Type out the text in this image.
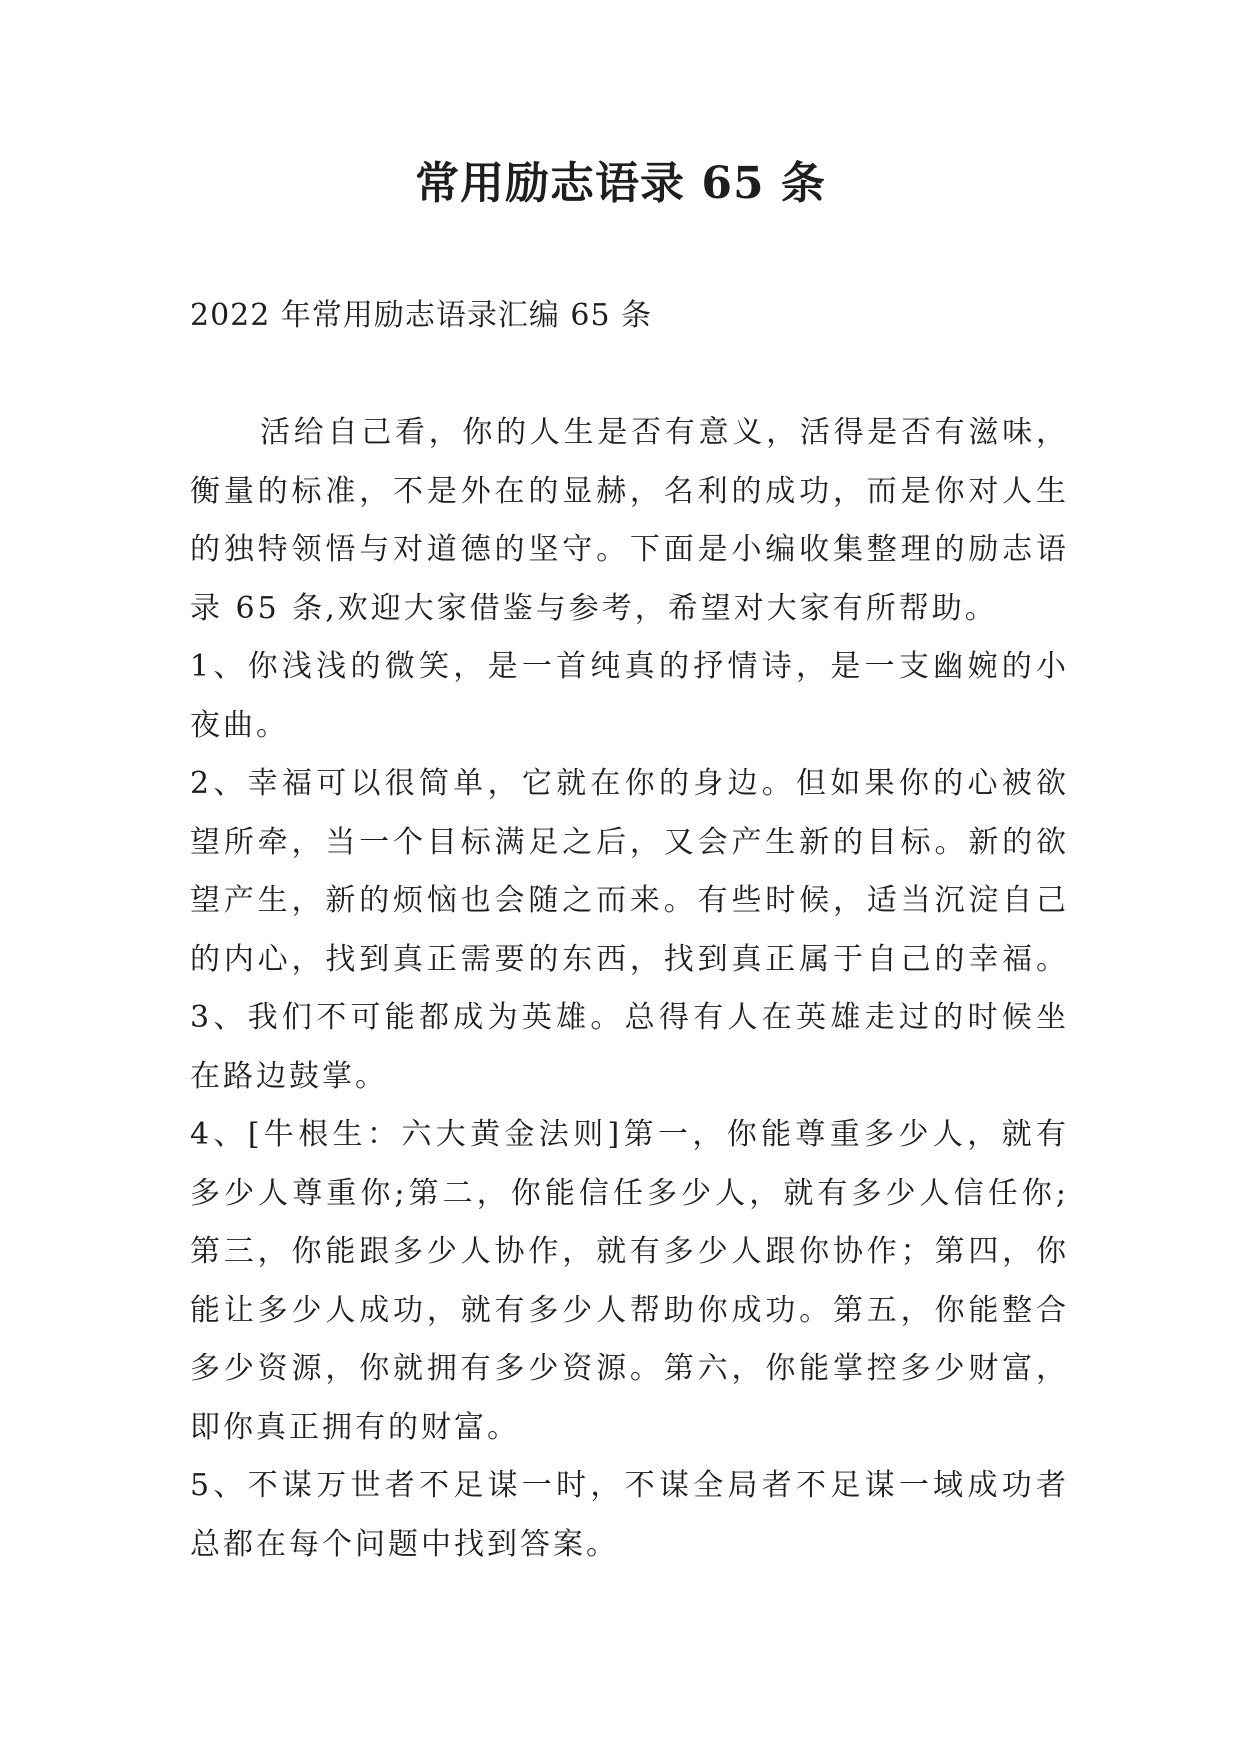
常用励志语录 65 条
2022 年常用励志语录汇编 65 条
活给自己看，你的人生是否有意义，活得是否有滋味，
衡量的标准，不是外在的显赫，名利的成功，而是你对人生
的独特领悟与对道德的坚守。下面是小编收集整理的励志语
录 65 条,欢迎大家借鉴与参考，希望对大家有所帮助。
1、你浅浅的微笑，是一首纯真的抒情诗，是一支幽婉的小
夜曲。
2、幸福可以很简单，它就在你的身边。但如果你的心被欲
望所牵，当一个目标满足之后，又会产生新的目标。新的欲
望产生，新的烦恼也会随之而来。有些时候，适当沉淀自己
的内心，找到真正需要的东西，找到真正属于自己的幸福。
3、我们不可能都成为英雄。总得有人在英雄走过的时候坐
在路边鼓掌。
4、[牛根生：六大黄金法则]第一，你能尊重多少人，就有
多少人尊重你;第二，你能信任多少人，就有多少人信任你;
第三，你能跟多少人协作，就有多少人跟你协作；第四，你
能让多少人成功，就有多少人帮助你成功。第五，你能整合
多少资源，你就拥有多少资源。第六，你能掌控多少财富，
即你真正拥有的财富。
5、不谋万世者不足谋一时，不谋全局者不足谋一域成功者
总都在每个问题中找到答案。
